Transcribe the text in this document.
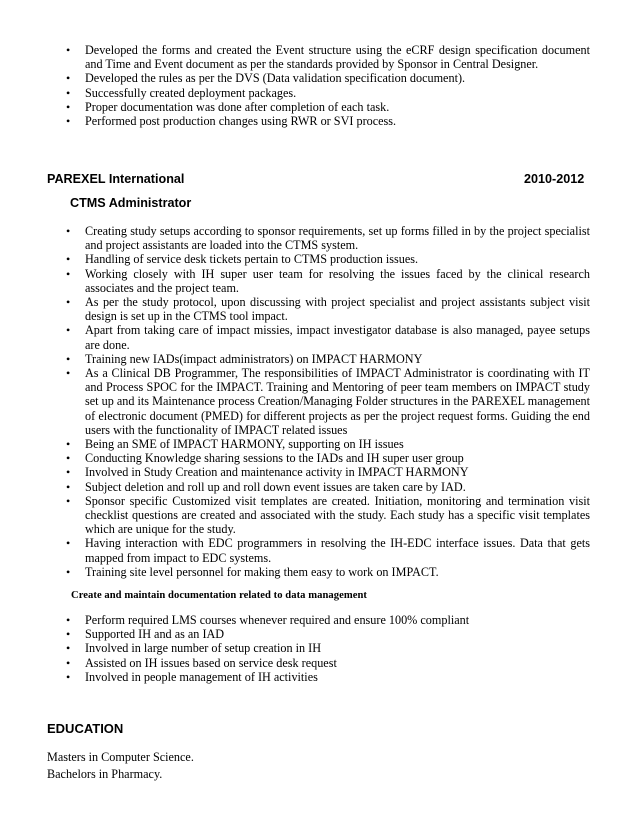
• Developed the forms and created the Event structure using the eCRF design specification document and Time and Event document as per the standards provided by Sponsor in Central Designer.
• Developed the rules as per the DVS (Data validation specification document).
• Successfully created deployment packages.
• Proper documentation was done after completion of each task.
• Performed post production changes using RWR or SVI process.
PAREXEL International	2010-2012
CTMS Administrator
• Creating study setups according to sponsor requirements, set up forms filled in by the project specialist and project assistants are loaded into the CTMS system.
• Handling of service desk tickets pertain to CTMS production issues.
• Working closely with IH super user team for resolving the issues faced by the clinical research associates and the project team.
• As per the study protocol, upon discussing with project specialist and project assistants subject visit design is set up in the CTMS tool impact.
• Apart from taking care of impact missies, impact investigator database is also managed, payee setups are done.
• Training new IADs(impact administrators) on IMPACT HARMONY
• As a Clinical DB Programmer, The responsibilities of IMPACT Administrator is coordinating with IT and Process SPOC for the IMPACT. Training and Mentoring of peer team members on IMPACT study set up and its Maintenance process Creation/Managing Folder structures in the PAREXEL management of electronic document (PMED) for different projects as per the project request forms. Guiding the end users with the functionality of IMPACT related issues
• Being an SME of IMPACT HARMONY, supporting on IH issues
• Conducting Knowledge sharing sessions to the IADs and IH super user group
• Involved in Study Creation and maintenance activity in IMPACT HARMONY
• Subject deletion and roll up and roll down event issues are taken care by IAD.
• Sponsor specific Customized visit templates are created. Initiation, monitoring and termination visit checklist questions are created and associated with the study. Each study has a specific visit templates which are unique for the study.
• Having interaction with EDC programmers in resolving the IH-EDC interface issues. Data that gets mapped from impact to EDC systems.
• Training site level personnel for making them easy to work on IMPACT.
Create and maintain documentation related to data management
• Perform required LMS courses whenever required and ensure 100% compliant
• Supported IH and as an IAD
• Involved in large number of setup creation in IH
• Assisted on IH issues based on service desk request
• Involved in people management of IH activities
EDUCATION
Masters in Computer Science.
Bachelors in Pharmacy.
